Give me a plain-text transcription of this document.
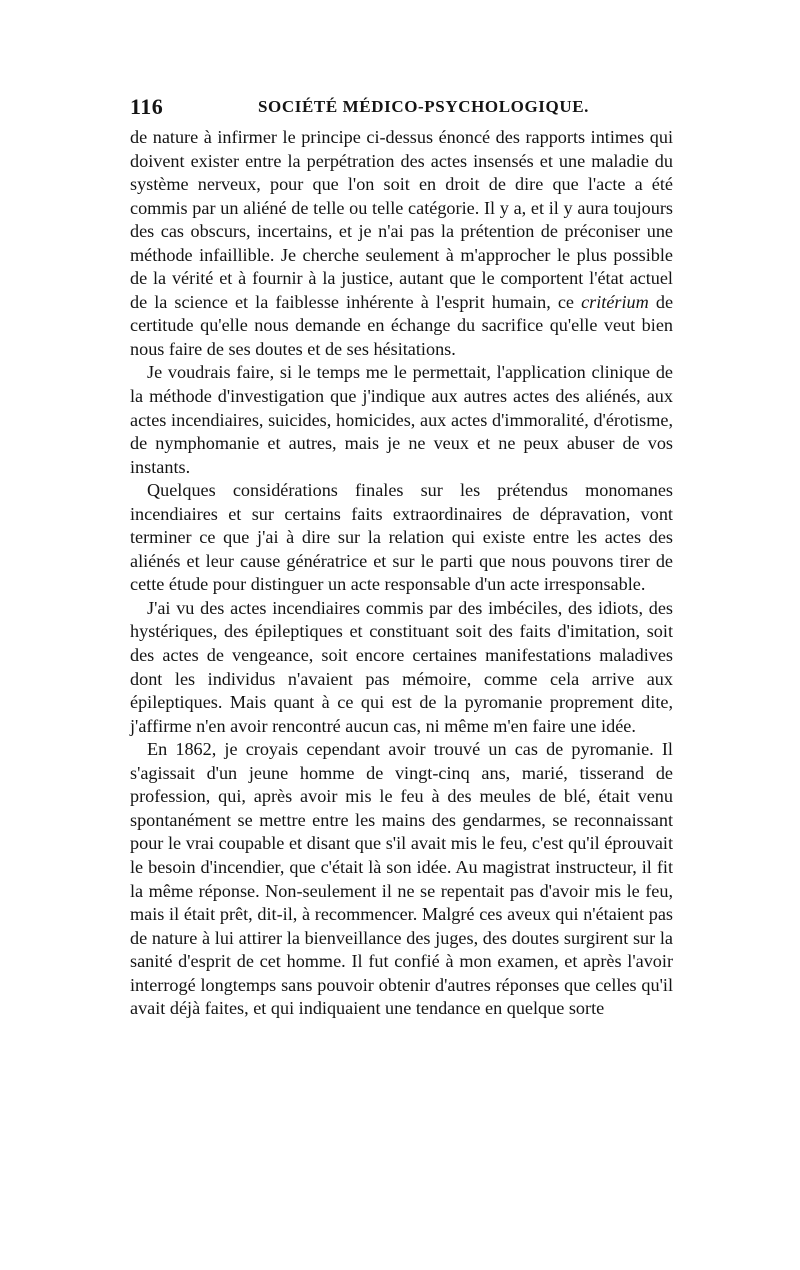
116	SOCIÉTÉ MÉDICO-PSYCHOLOGIQUE.

de nature à infirmer le principe ci-dessus énoncé des rapports intimes qui doivent exister entre la perpétration des actes insensés et une maladie du système nerveux, pour que l'on soit en droit de dire que l'acte a été commis par un aliéné de telle ou telle catégorie. Il y a, et il y aura toujours des cas obscurs, incertains, et je n'ai pas la prétention de préconiser une méthode infaillible. Je cherche seulement à m'approcher le plus possible de la vérité et à fournir à la justice, autant que le comportent l'état actuel de la science et la faiblesse inhérente à l'esprit humain, ce critérium de certitude qu'elle nous demande en échange du sacrifice qu'elle veut bien nous faire de ses doutes et de ses hésitations.

Je voudrais faire, si le temps me le permettait, l'application clinique de la méthode d'investigation que j'indique aux autres actes des aliénés, aux actes incendiaires, suicides, homicides, aux actes d'immoralité, d'érotisme, de nymphomanie et autres, mais je ne veux et ne peux abuser de vos instants.

Quelques considérations finales sur les prétendus monomanes incendiaires et sur certains faits extraordinaires de dépravation, vont terminer ce que j'ai à dire sur la relation qui existe entre les actes des aliénés et leur cause génératrice et sur le parti que nous pouvons tirer de cette étude pour distinguer un acte responsable d'un acte irresponsable.

J'ai vu des actes incendiaires commis par des imbéciles, des idiots, des hystériques, des épileptiques et constituant soit des faits d'imitation, soit des actes de vengeance, soit encore certaines manifestations maladives dont les individus n'avaient pas mémoire, comme cela arrive aux épileptiques. Mais quant à ce qui est de la pyromanie proprement dite, j'affirme n'en avoir rencontré aucun cas, ni même m'en faire une idée.

En 1862, je croyais cependant avoir trouvé un cas de pyromanie. Il s'agissait d'un jeune homme de vingt-cinq ans, marié, tisserand de profession, qui, après avoir mis le feu à des meules de blé, était venu spontanément se mettre entre les mains des gendarmes, se reconnaissant pour le vrai coupable et disant que s'il avait mis le feu, c'est qu'il éprouvait le besoin d'incendier, que c'était là son idée. Au magistrat instructeur, il fit la même réponse. Non-seulement il ne se repentait pas d'avoir mis le feu, mais il était prêt, dit-il, à recommencer. Malgré ces aveux qui n'étaient pas de nature à lui attirer la bienveillance des juges, des doutes surgirent sur la sanité d'esprit de cet homme. Il fut confié à mon examen, et après l'avoir interrogé longtemps sans pouvoir obtenir d'autres réponses que celles qu'il avait déjà faites, et qui indiquaient une tendance en quelque sorte
